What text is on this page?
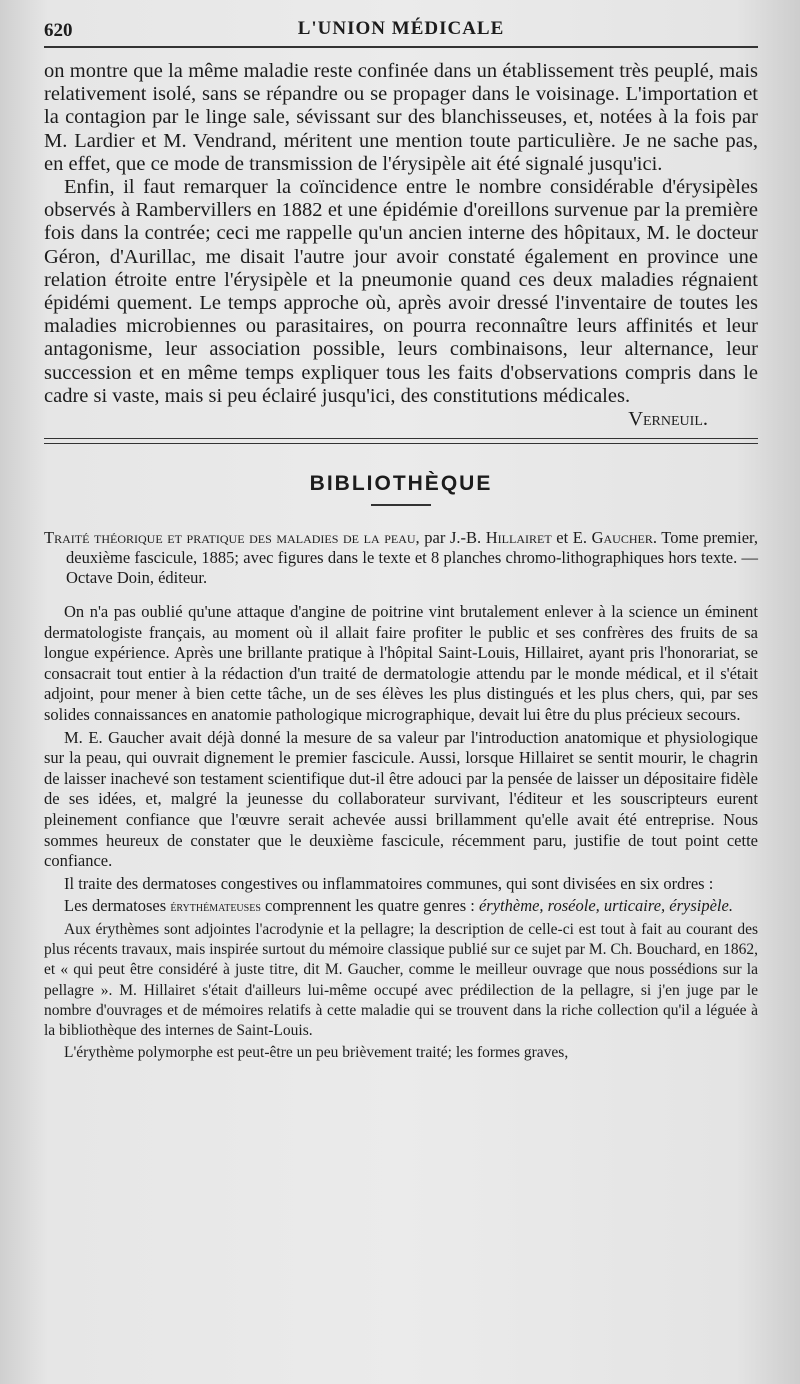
620	L'UNION MÉDICALE

on montre que la même maladie reste confinée dans un établissement très peuplé, mais relativement isolé, sans se répandre ou se propager dans le voisinage. L'importation et la contagion par le linge sale, sévissant sur des blanchisseuses, et, notées à la fois par M. Lardier et M. Vendrand, méritent une mention toute particulière. Je ne sache pas, en effet, que ce mode de transmission de l'érysipèle ait été signalé jusqu'ici.

Enfin, il faut remarquer la coïncidence entre le nombre considérable d'érysipèles observés à Rambervillers en 1882 et une épidémie d'oreillons survenue par la première fois dans la contrée; ceci me rappelle qu'un ancien interne des hôpitaux, M. le docteur Géron, d'Aurillac, me disait l'autre jour avoir constaté également en province une relation étroite entre l'érysipèle et la pneumonie quand ces deux maladies régnaient épidémi quement. Le temps approche où, après avoir dressé l'inventaire de toutes les maladies microbiennes ou parasitaires, on pourra reconnaître leurs affinités et leur antagonisme, leur association possible, leurs combinaisons, leur alternance, leur succession et en même temps expliquer tous les faits d'observations compris dans le cadre si vaste, mais si peu éclairé jusqu'ici, des constitutions médicales.
Verneuil.

BIBLIOTHÈQUE
Traité théorique et pratique des maladies de la peau, par J.-B. Hillairet et E. Gaucher. Tome premier, deuxième fascicule, 1885; avec figures dans le texte et 8 planches chromo-lithographiques hors texte. — Octave Doin, éditeur.

On n'a pas oublié qu'une attaque d'angine de poitrine vint brutalement enlever à la science un éminent dermatologiste français, au moment où il allait faire profiter le public et ses confrères des fruits de sa longue expérience. Après une brillante pratique à l'hôpital Saint-Louis, Hillairet, ayant pris l'honorariat, se consacrait tout entier à la rédaction d'un traité de dermatologie attendu par le monde médical, et il s'était adjoint, pour mener à bien cette tâche, un de ses élèves les plus distingués et les plus chers, qui, par ses solides connaissances en anatomie pathologique micrographique, devait lui être du plus précieux secours.

M. E. Gaucher avait déjà donné la mesure de sa valeur par l'introduction anatomique et physiologique sur la peau, qui ouvrait dignement le premier fascicule. Aussi, lorsque Hillairet se sentit mourir, le chagrin de laisser inachevé son testament scientifique dut-il être adouci par la pensée de laisser un dépositaire fidèle de ses idées, et, malgré la jeunesse du collaborateur survivant, l'éditeur et les souscripteurs eurent pleinement confiance que l'œuvre serait achevée aussi brillamment qu'elle avait été entreprise. Nous sommes heureux de constater que le deuxième fascicule, récemment paru, justifie de tout point cette confiance.

Il traite des dermatoses congestives ou inflammatoires communes, qui sont divisées en six ordres :

Les dermatoses érythémateuses comprennent les quatre genres : érythème, roséole, urticaire, érysipèle.

Aux érythèmes sont adjointes l'acrodynie et la pellagre; la description de celle-ci est tout à fait au courant des plus récents travaux, mais inspirée surtout du mémoire classique publié sur ce sujet par M. Ch. Bouchard, en 1862, et « qui peut être considéré à juste titre, dit M. Gaucher, comme le meilleur ouvrage que nous possédions sur la pellagre ». M. Hillairet s'était d'ailleurs lui-même occupé avec prédilection de la pellagre, si j'en juge par le nombre d'ouvrages et de mémoires relatifs à cette maladie qui se trouvent dans la riche collection qu'il a léguée à la bibliothèque des internes de Saint-Louis.

L'érythème polymorphe est peut-être un peu brièvement traité; les formes graves,
